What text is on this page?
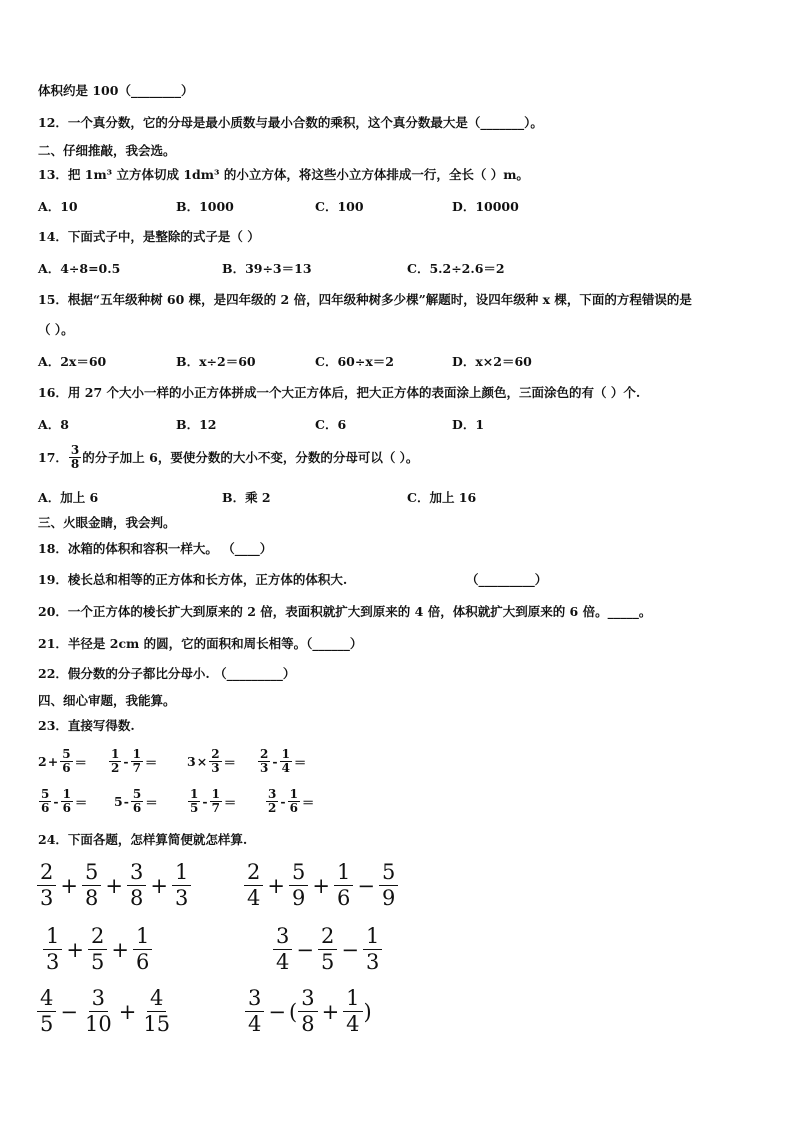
体积约是 100（________）
12．一个真分数，它的分母是最小质数与最小合数的乘积，这个真分数最大是（_______）。
二、仔细推敲，我会选。
13．把 1m³ 立方体切成 1dm³ 的小立方体，将这些小立方体排成一行，全长（ ）m。
A．10	B．1000	C．100	D．10000
14．下面式子中，是整除的式子是（ ）
A．4÷8=0.5	B．39÷3＝13	C．5.2÷2.6＝2
15．根据“五年级种树 60 棵，是四年级的 2 倍，四年级种树多少棵”解题时，设四年级种 x 棵，下面的方程错误的是
（ ）。
A．2x＝60	B．x÷2＝60	C．60÷x＝2	D．x×2＝60
16．用 27 个大小一样的小正方体拼成一个大正方体后，把大正方体的表面涂上颜色，三面涂色的有（ ）个.
A．8	B．12	C．6	D．1
17． $\frac{3}{8}$ 的分子加上 6，要使分数的大小不变，分数的分母可以（ ）。
A．加上 6	B．乘 2	C．加上 16
三、火眼金睛，我会判。
18．冰箱的体积和容积一样大。 （____）
19．棱长总和相等的正方体和长方体，正方体的体积大.	（_________）
20．一个正方体的棱长扩大到原来的 2 倍，表面积就扩大到原来的 4 倍，体积就扩大到原来的 6 倍。_____。
21．半径是 2cm 的圆，它的面积和周长相等。（______）
22．假分数的分子都比分母小. （_________）
四、细心审题，我能算。
23．直接写得数.
$2 + \frac{5}{6} = \frac{1}{2} - \frac{1}{7} = 3 \times \frac{2}{3} = \frac{2}{3} - \frac{1}{4}$ ＝
$\frac{5}{6} - \frac{1}{6} = 5 - \frac{5}{6}$ ＝	$\frac{1}{5} - \frac{1}{7} = \frac{3}{2} - \frac{1}{6}$ ＝
24．下面各题，怎样算简便就怎样算.
$\frac{2}{3} + \frac{5}{8} + \frac{3}{8} + \frac{1}{3}$	$\frac{2}{4} + \frac{5}{9} + \frac{1}{6} - \frac{5}{9}$
$\frac{1}{3} + \frac{2}{5} + \frac{1}{6}$	$\frac{3}{4} - \frac{2}{5} - \frac{1}{3}$
$\frac{4}{5} - \frac{3}{10} + \frac{4}{15}$	$\frac{3}{4}$ − ( $\frac{3}{8} + \frac{1}{4}$ )
